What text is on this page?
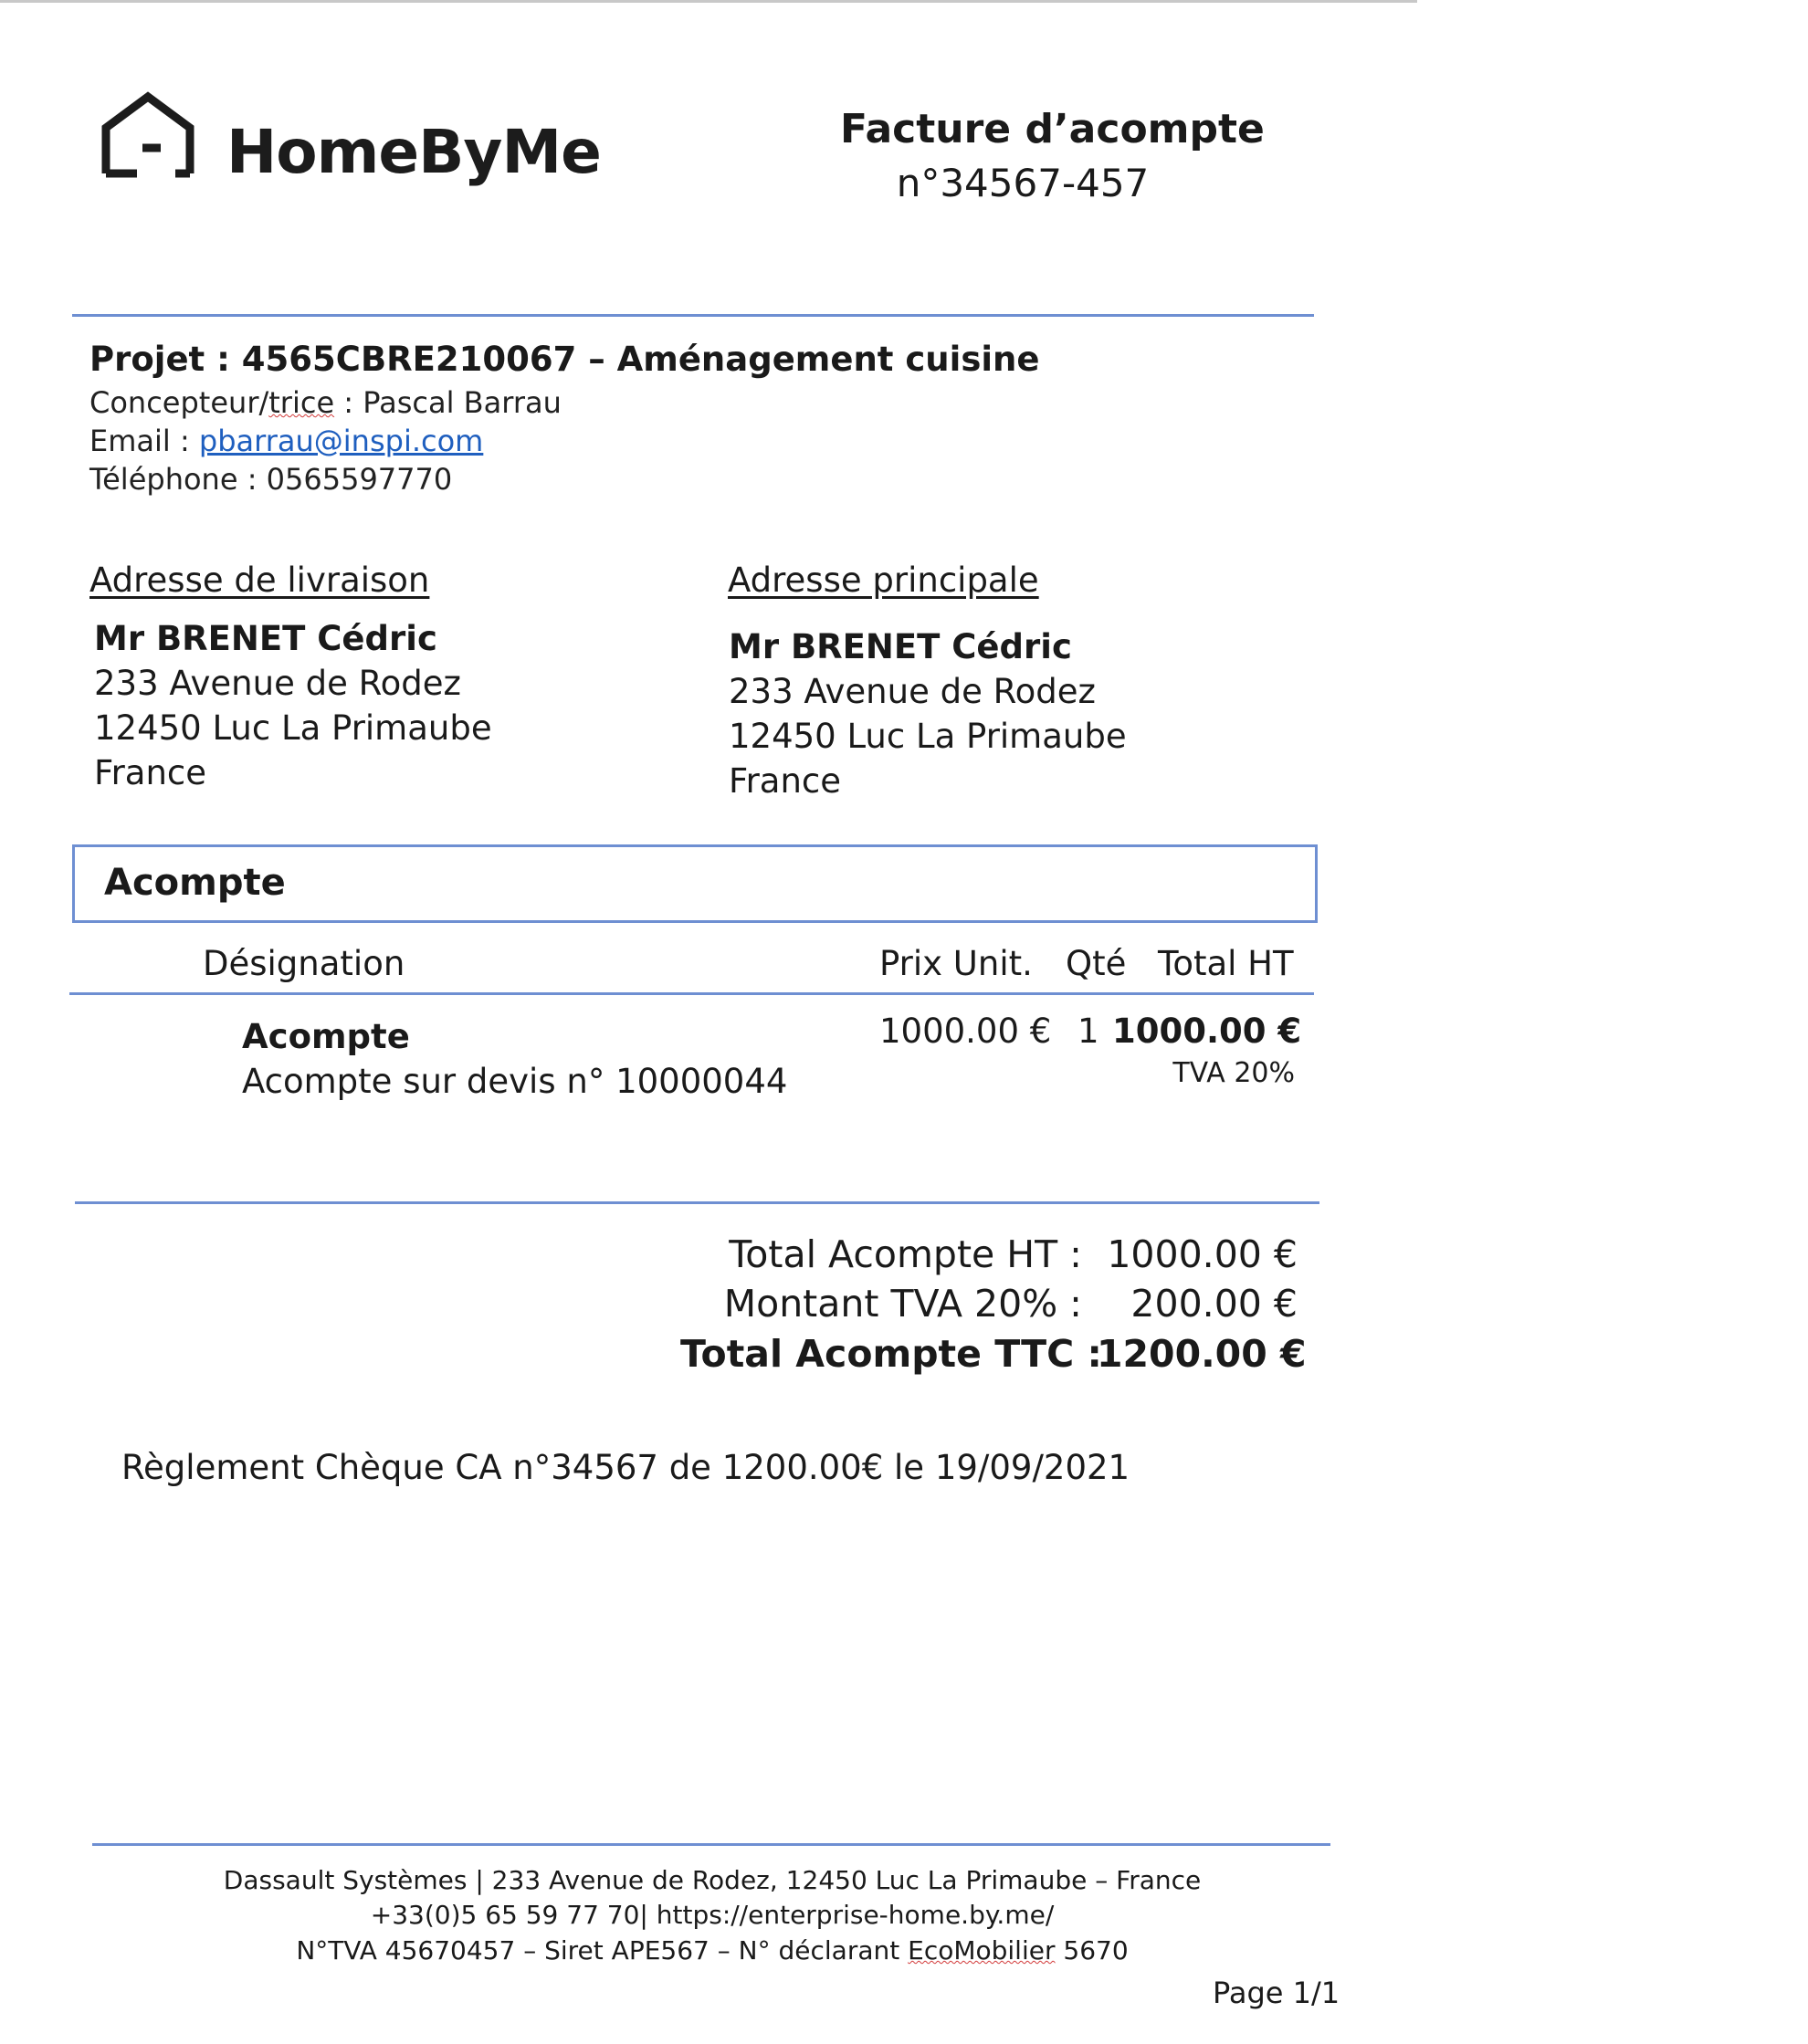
HomeByMe	Facture d’acompte
n°34567-457
Projet : 4565CBRE210067 – Aménagement cuisine
Concepteur/trice : Pascal Barrau
Email : pbarrau@inspi.com
Téléphone : 0565597770
Adresse de livraison
Mr BRENET Cédric
233 Avenue de Rodez
12450 Luc La Primaube
France
Adresse principale
Mr BRENET Cédric
233 Avenue de Rodez
12450 Luc La Primaube
France
Acompte
Désignation	Prix Unit. Qté Total HT
Acompte
Acompte sur devis n° 10000044
1000.00 € 1 1000.00 €
TVA 20%
Total Acompte HT : 1000.00 €
Montant TVA 20% :	200.00 €
Total Acompte TTC :
1200.00 €
Règlement Chèque CA n°34567 de 1200.00€ le 19/09/2021
Dassault Systèmes | 233 Avenue de Rodez, 12450 Luc La Primaube – France
+33(0)5 65 59 77 70| https://enterprise-home.by.me/
N°TVA 45670457 – Siret APE567 – N° déclarant EcoMobilier 5670
Page 1/1
